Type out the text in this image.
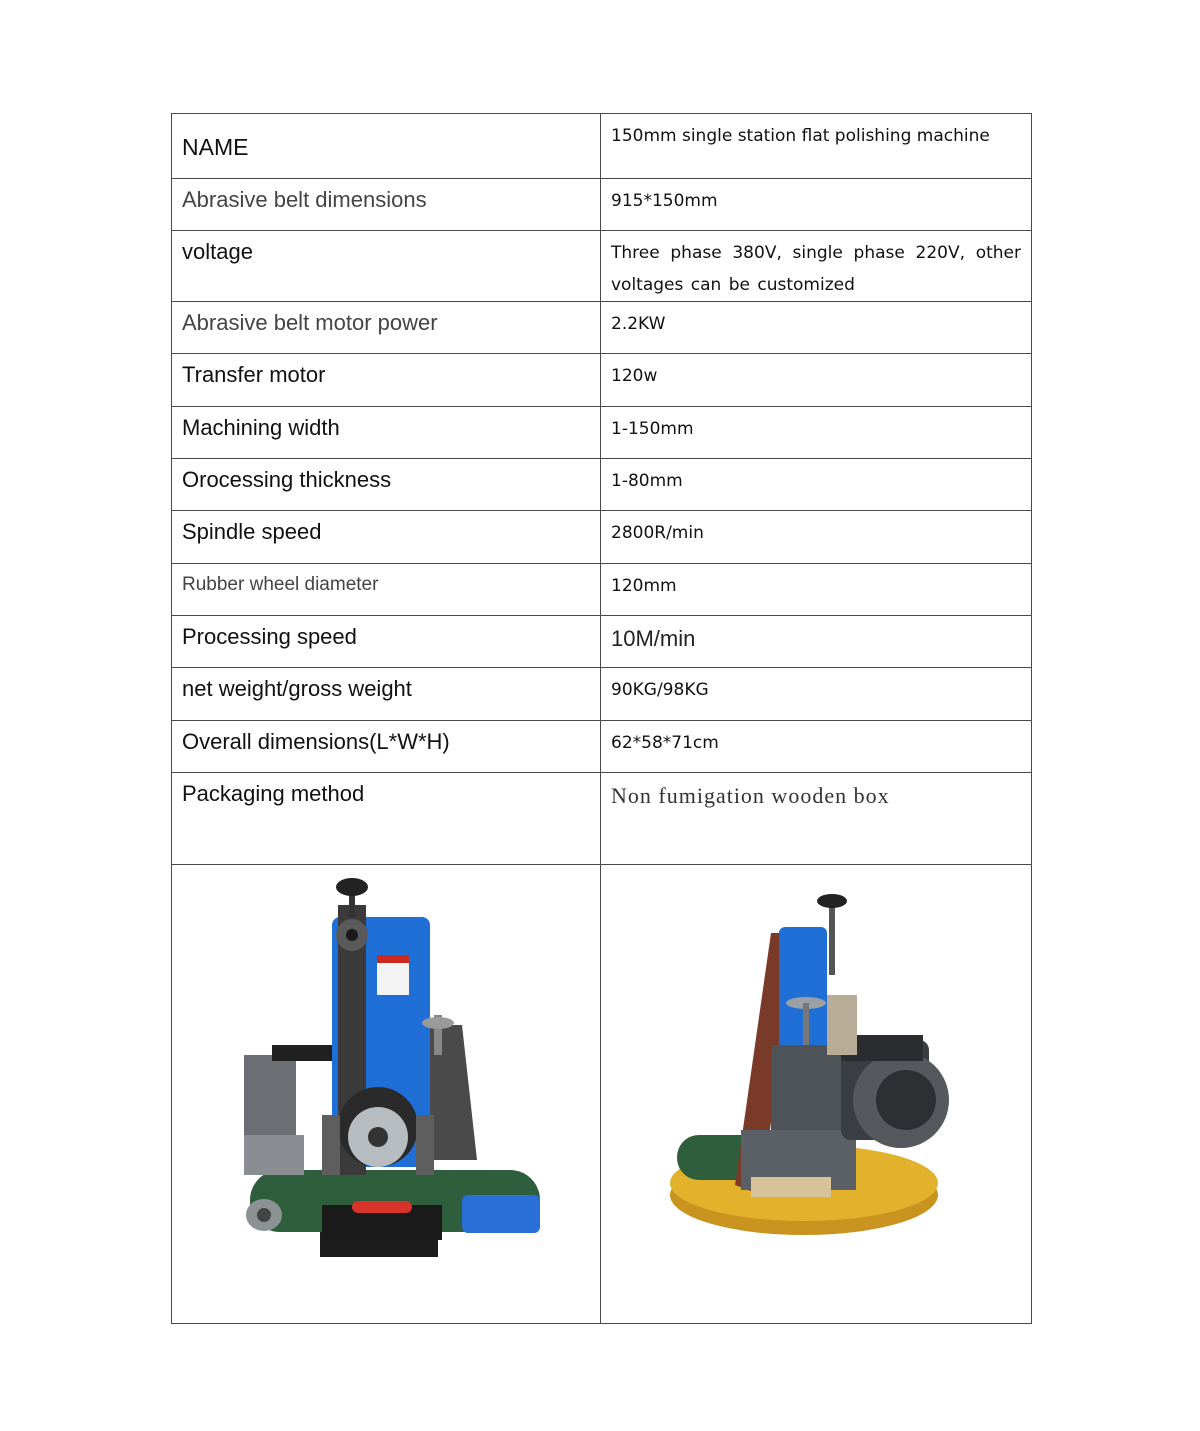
NAME	150mm single station flat polishing machine

Abrasive belt dimensions	915*150mm

voltage	Three phase 380V, single phase 220V, other voltages can be customized

Abrasive belt motor power	2.2KW

Transfer motor	120w

Machining width	1-150mm

Orocessing thickness	1-80mm

Spindle speed	2800R/min

Rubber wheel diameter	120mm

Processing speed	10M/min

net weight/gross weight	90KG/98KG

Overall dimensions(L*W*H)	62*58*71cm

Packaging method	Non fumigation wooden box
